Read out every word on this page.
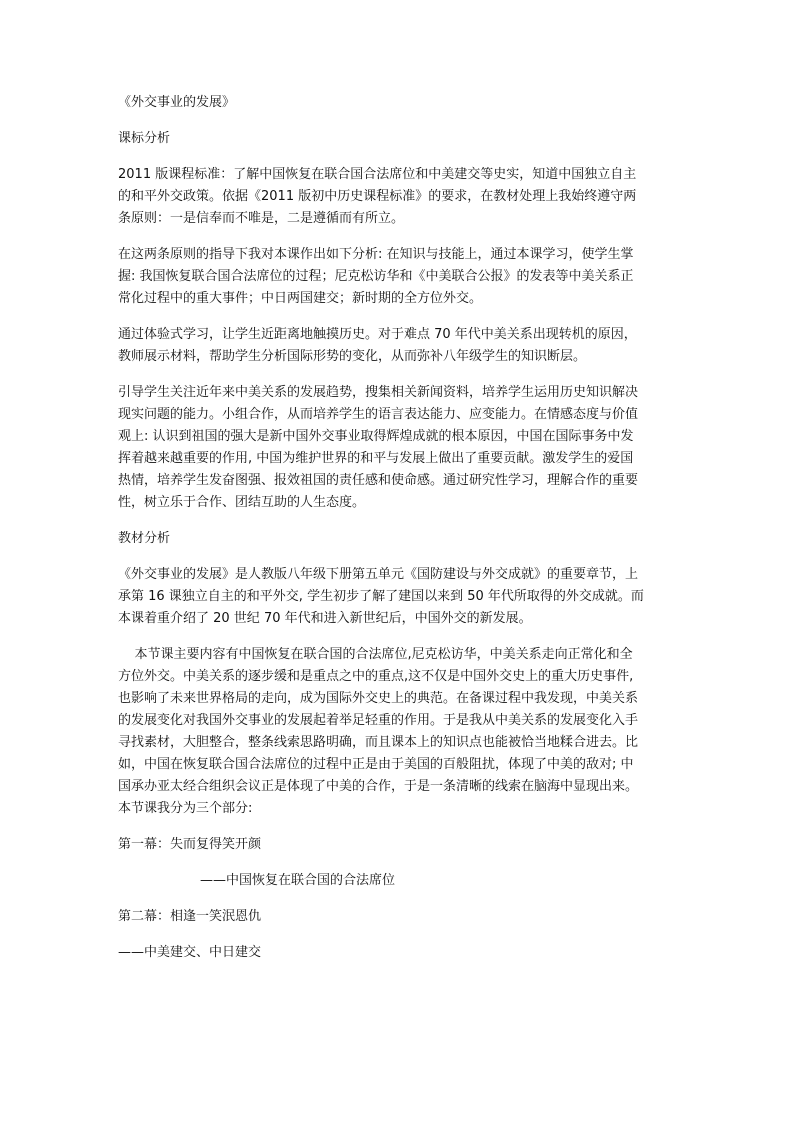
《外交事业的发展》
课标分析
2011 版课程标准：了解中国恢复在联合国合法席位和中美建交等史实，知道中国独立自主
的和平外交政策。依据《2011 版初中历史课程标准》的要求，在教材处理上我始终遵守两
条原则：一是信奉而不唯是，二是遵循而有所立。
在这两条原则的指导下我对本课作出如下分析: 在知识与技能上，通过本课学习，使学生掌
握: 我国恢复联合国合法席位的过程；尼克松访华和《中美联合公报》的发表等中美关系正
常化过程中的重大事件；中日两国建交；新时期的全方位外交。
通过体验式学习，让学生近距离地触摸历史。对于难点 70 年代中美关系出现转机的原因，
教师展示材料，帮助学生分析国际形势的变化，从而弥补八年级学生的知识断层。
引导学生关注近年来中美关系的发展趋势，搜集相关新闻资料，培养学生运用历史知识解决
现实问题的能力。小组合作，从而培养学生的语言表达能力、应变能力。在情感态度与价值
观上: 认识到祖国的强大是新中国外交事业取得辉煌成就的根本原因，中国在国际事务中发
挥着越来越重要的作用, 中国为维护世界的和平与发展上做出了重要贡献。激发学生的爱国
热情，培养学生发奋图强、报效祖国的责任感和使命感。通过研究性学习，理解合作的重要
性，树立乐于合作、团结互助的人生态度。
教材分析
《外交事业的发展》是人教版八年级下册第五单元《国防建设与外交成就》的重要章节，上
承第 16 课独立自主的和平外交, 学生初步了解了建国以来到 50 年代所取得的外交成就。而
本课着重介绍了 20 世纪 70 年代和进入新世纪后，中国外交的新发展。
本节课主要内容有中国恢复在联合国的合法席位,尼克松访华，中美关系走向正常化和全
方位外交。中美关系的逐步缓和是重点之中的重点,这不仅是中国外交史上的重大历史事件,
也影响了未来世界格局的走向，成为国际外交史上的典范。在备课过程中我发现，中美关系
的发展变化对我国外交事业的发展起着举足轻重的作用。于是我从中美关系的发展变化入手
寻找素材，大胆整合，整条线索思路明确，而且课本上的知识点也能被恰当地糅合进去。比
如，中国在恢复联合国合法席位的过程中正是由于美国的百般阻扰，体现了中美的敌对; 中
国承办亚太经合组织会议正是体现了中美的合作，于是一条清晰的线索在脑海中显现出来。
本节课我分为三个部分:
第一幕：失而复得笑开颜
——中国恢复在联合国的合法席位
第二幕：相逢一笑泯恩仇
——中美建交、中日建交
